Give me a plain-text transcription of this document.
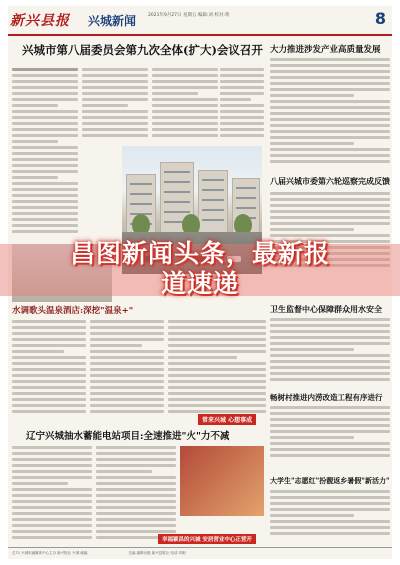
新兴县报 兴城新闻	2021年9月27日 星期五 编辑:刘 校对:黄	8
兴城市第八届委员会第九次全体(扩大)会议召开 大力推进涉发产业高质量发展
八届兴城市委第六轮巡察完成反馈
水调歌头温泉酒店:深挖"温泉+"	卫生监督中心保障群众用水安全
常来兴城 心想事成
畅树村推进内涝改造工程有序进行
辽宁兴城抽水蓄能电站项目:全速推进"火"力不减
大学生"志愿红"扮靓返乡暑假"新活力"
幸福颖昌的兴城 安居营业中心正营开
总71 兴城市融媒体中心主办 新兴报社 兴城 邮编	总编 编辑出版 新兴县报社 电话 印刷
昌图新闻头条，最新报
道速递
